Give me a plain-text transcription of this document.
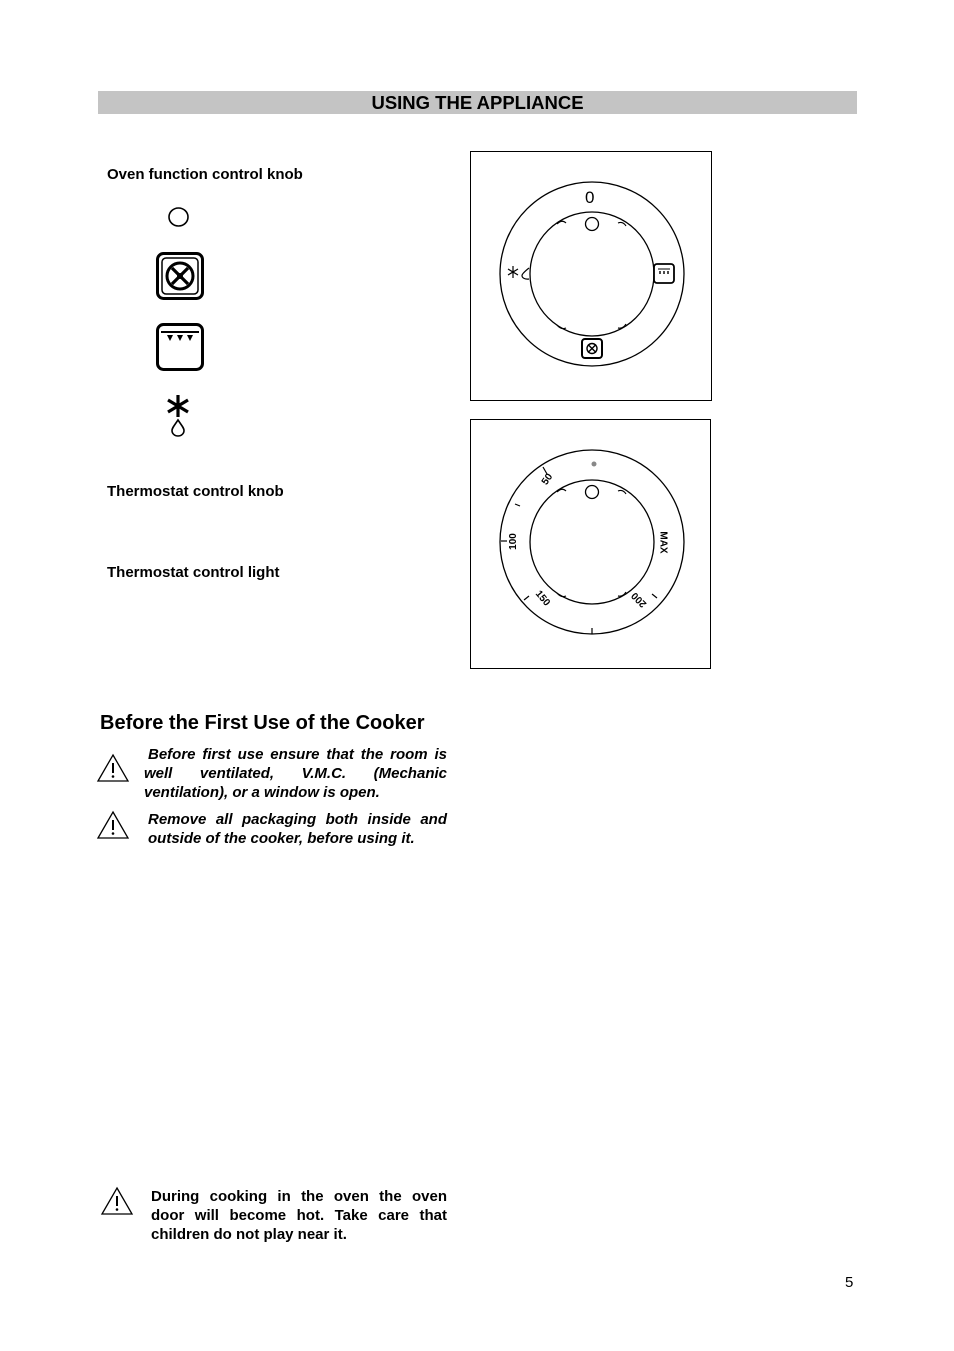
USING THE APPLIANCE
Oven function control knob
Thermostat control knob
Thermostat control light
0
50
100
150	200
MAX
Before the First Use of the Cooker
Before first use ensure that the room is well ventilated, V.M.C. (Mechanic ventilation), or a window is open.
Remove all packaging both inside and outside of the cooker, before using it.
During cooking in the oven the oven door will become hot. Take care that children do not play near it.
5
